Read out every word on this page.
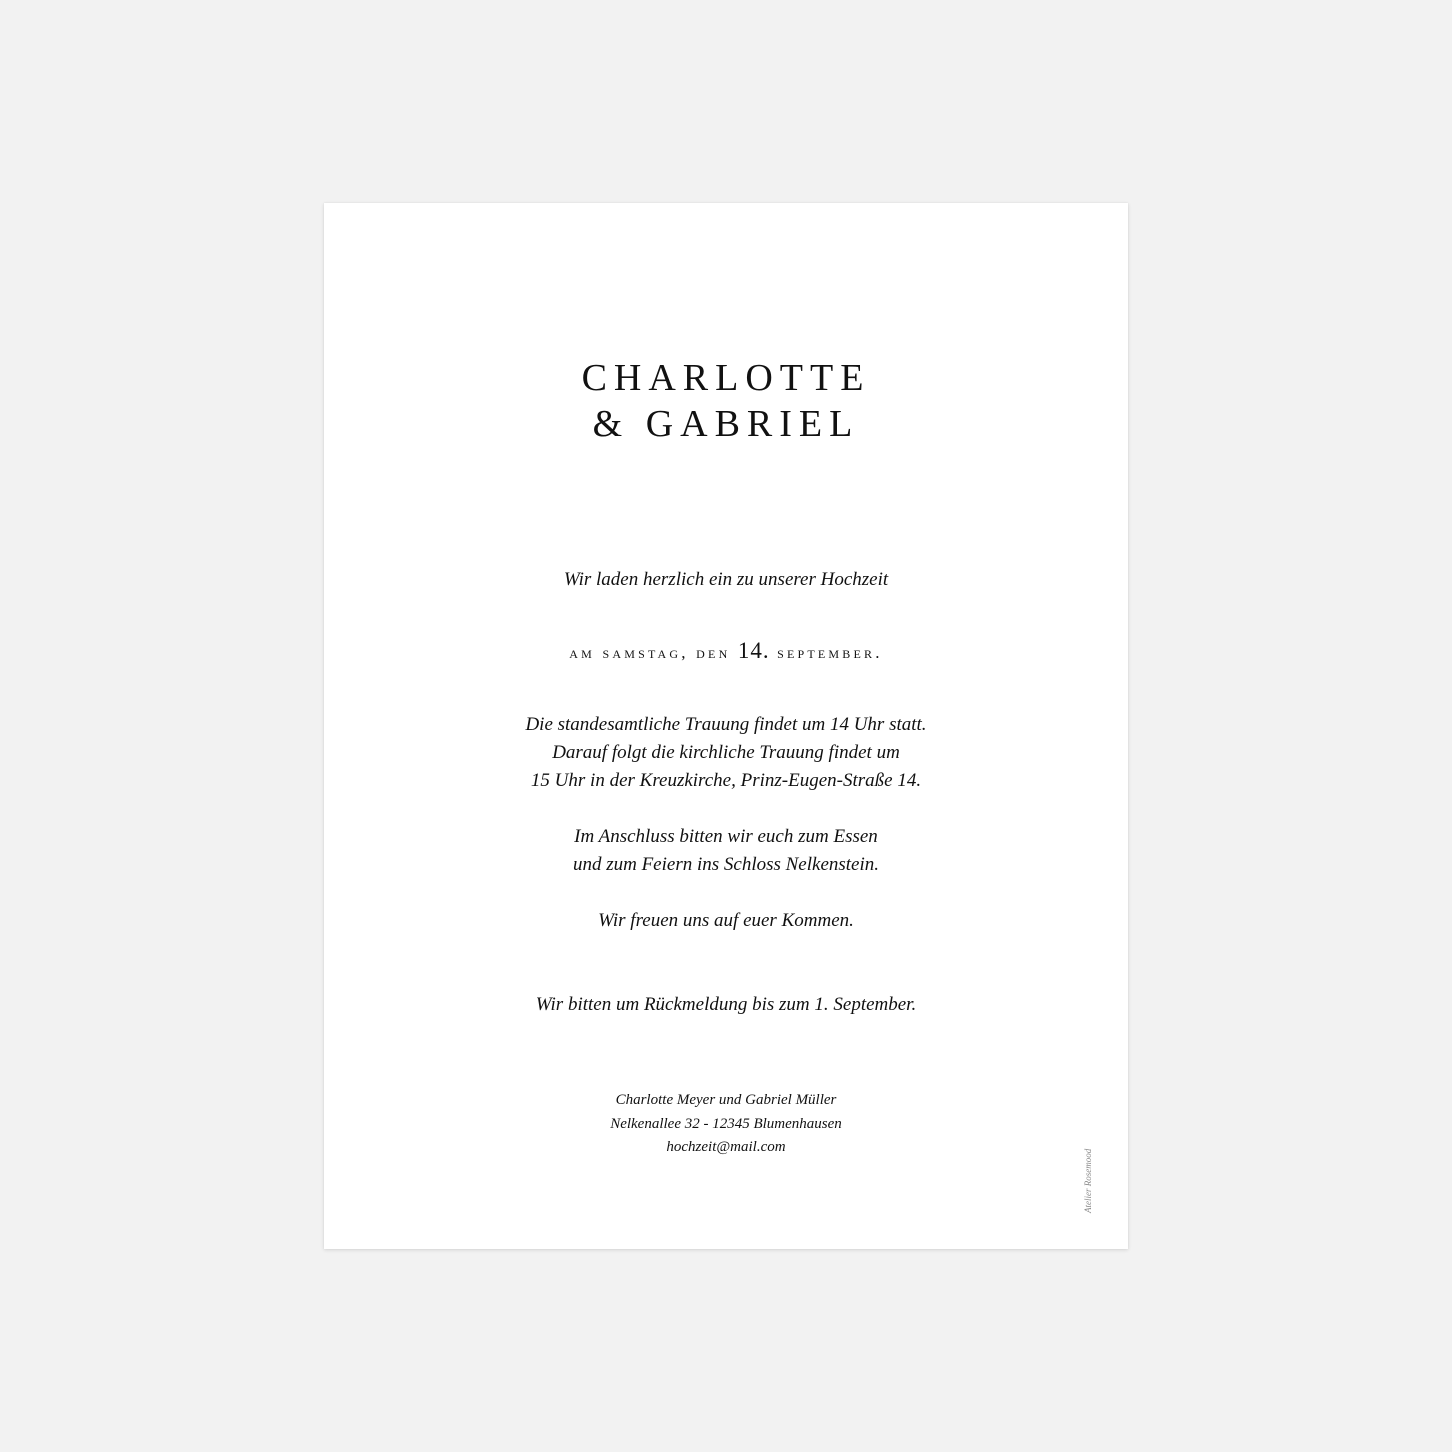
CHARLOTTE
& GABRIEL

Wir laden herzlich ein zu unserer Hochzeit

am samstag, den 14. september.

Die standesamtliche Trauung findet um 14 Uhr statt.
Darauf folgt die kirchliche Trauung findet um
15 Uhr in der Kreuzkirche, Prinz-Eugen-Straße 14.
Im Anschluss bitten wir euch zum Essen
und zum Feiern ins Schloss Nelkenstein.

Wir freuen uns auf euer Kommen.

Wir bitten um Rückmeldung bis zum 1. September.

Charlotte Meyer und Gabriel Müller
Nelkenallee 32 - 12345 Blumenhausen
hochzeit@mail.com
Atelier Rosemood
